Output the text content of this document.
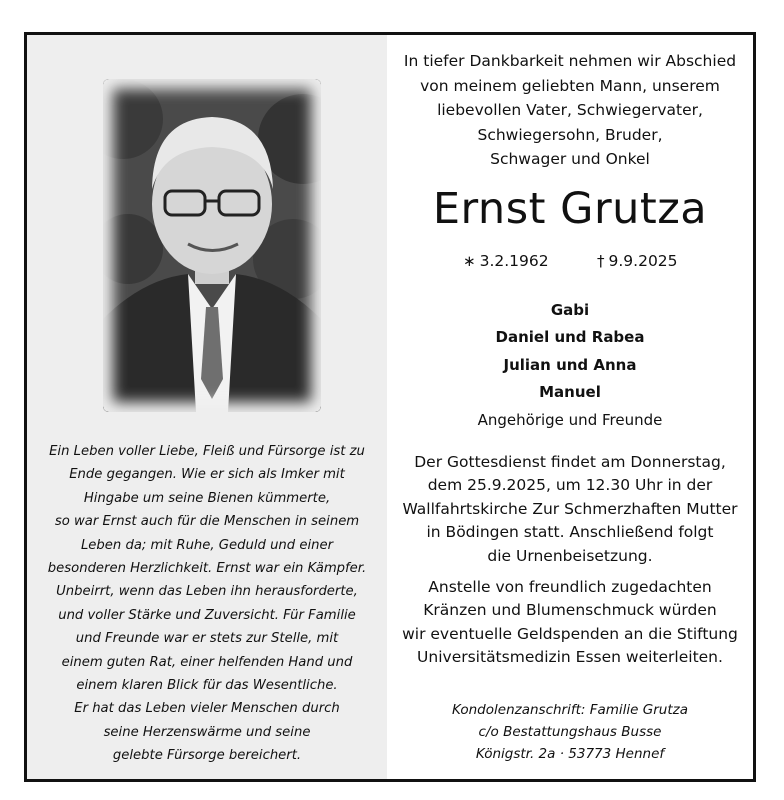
Ein Leben voller Liebe, Fleiß und Fürsorge ist zu
Ende gegangen. Wie er sich als Imker mit
Hingabe um seine Bienen kümmerte,
so war Ernst auch für die Menschen in seinem
Leben da; mit Ruhe, Geduld und einer
besonderen Herzlichkeit. Ernst war ein Kämpfer.
Unbeirrt, wenn das Leben ihn herausforderte,
und voller Stärke und Zuversicht. Für Familie
und Freunde war er stets zur Stelle, mit
einem guten Rat, einer helfenden Hand und
einem klaren Blick für das Wesentliche.
Er hat das Leben vieler Menschen durch
seine Herzenswärme und seine
gelebte Fürsorge bereichert.
In tiefer Dankbarkeit nehmen wir Abschied
von meinem geliebten Mann, unserem
liebevollen Vater, Schwiegervater,
Schwiegersohn, Bruder,
Schwager und Onkel
Ernst Grutza
∗ 3.2.1962	† 9.9.2025
Gabi
Daniel und Rabea
Julian und Anna
Manuel
Angehörige und Freunde
Der Gottesdienst findet am Donnerstag,
dem 25.9.2025, um 12.30 Uhr in der
Wallfahrtskirche Zur Schmerzhaften Mutter
in Bödingen statt. Anschließend folgt
die Urnenbeisetzung.
Anstelle von freundlich zugedachten
Kränzen und Blumenschmuck würden
wir eventuelle Geldspenden an die Stiftung
Universitätsmedizin Essen weiterleiten.
Kondolenzanschrift: Familie Grutza
c/o Bestattungshaus Busse
Königstr. 2a · 53773 Hennef
